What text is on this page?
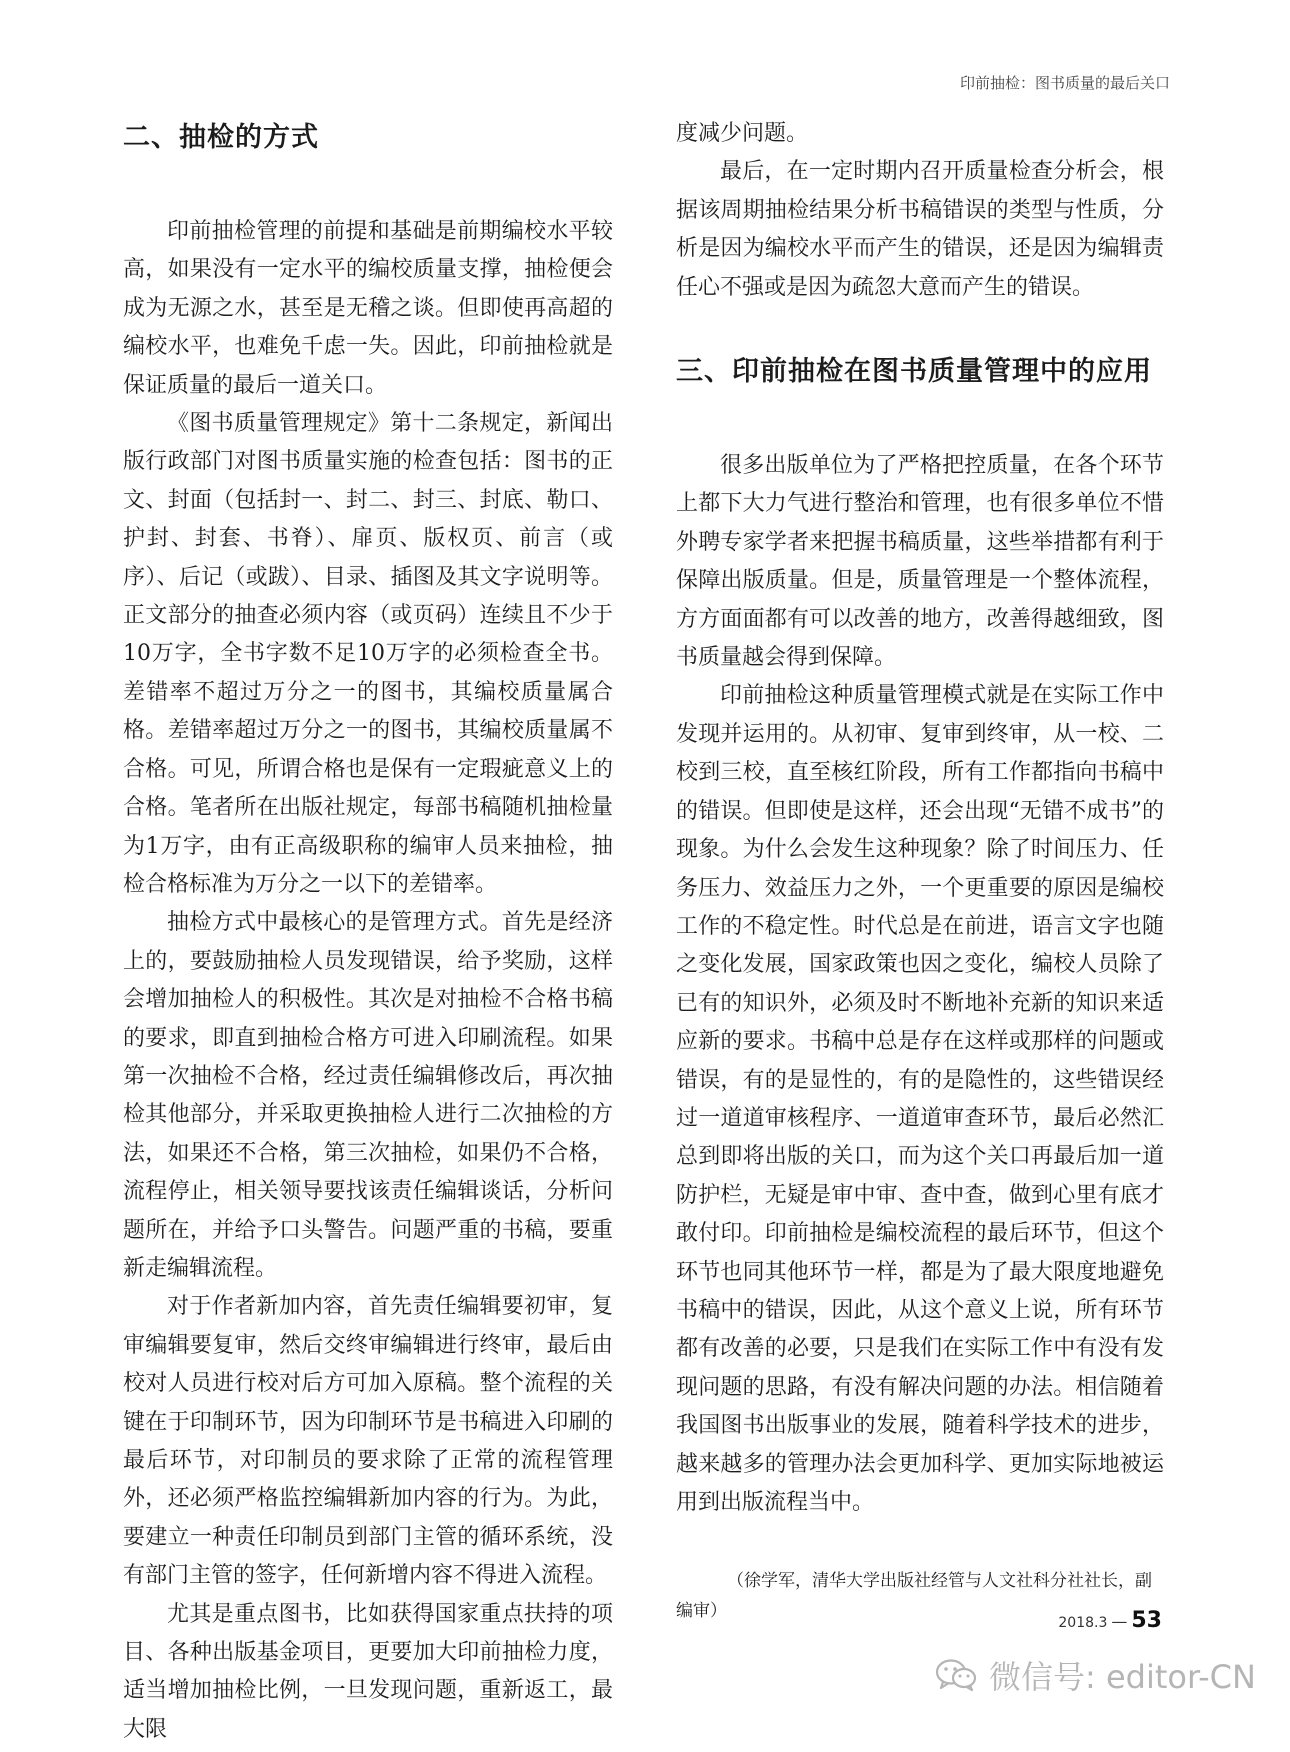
印前抽检：图书质量的最后关口
二、抽检的方式

印前抽检管理的前提和基础是前期编校水平较高，如果没有一定水平的编校质量支撑，抽检便会成为无源之水，甚至是无稽之谈。但即使再高超的编校水平，也难免千虑一失。因此，印前抽检就是保证质量的最后一道关口。

《图书质量管理规定》第十二条规定，新闻出版行政部门对图书质量实施的检查包括：图书的正文、封面（包括封一、封二、封三、封底、勒口、护封、封套、书脊）、扉页、版权页、前言（或序）、后记（或跋）、目录、插图及其文字说明等。正文部分的抽查必须内容（或页码）连续且不少于10万字，全书字数不足10万字的必须检查全书。差错率不超过万分之一的图书，其编校质量属合格。差错率超过万分之一的图书，其编校质量属不合格。可见，所谓合格也是保有一定瑕疵意义上的合格。笔者所在出版社规定，每部书稿随机抽检量为1万字，由有正高级职称的编审人员来抽检，抽检合格标准为万分之一以下的差错率。

抽检方式中最核心的是管理方式。首先是经济上的，要鼓励抽检人员发现错误，给予奖励，这样会增加抽检人的积极性。其次是对抽检不合格书稿的要求，即直到抽检合格方可进入印刷流程。如果第一次抽检不合格，经过责任编辑修改后，再次抽检其他部分，并采取更换抽检人进行二次抽检的方法，如果还不合格，第三次抽检，如果仍不合格，流程停止，相关领导要找该责任编辑谈话，分析问题所在，并给予口头警告。问题严重的书稿，要重新走编辑流程。

对于作者新加内容，首先责任编辑要初审，复审编辑要复审，然后交终审编辑进行终审，最后由校对人员进行校对后方可加入原稿。整个流程的关键在于印制环节，因为印制环节是书稿进入印刷的最后环节，对印制员的要求除了正常的流程管理外，还必须严格监控编辑新加内容的行为。为此，要建立一种责任印制员到部门主管的循环系统，没有部门主管的签字，任何新增内容不得进入流程。

尤其是重点图书，比如获得国家重点扶持的项目、各种出版基金项目，更要加大印前抽检力度，适当增加抽检比例，一旦发现问题，重新返工，最大限

度减少问题。

最后，在一定时期内召开质量检查分析会，根据该周期抽检结果分析书稿错误的类型与性质，分析是因为编校水平而产生的错误，还是因为编辑责任心不强或是因为疏忽大意而产生的错误。

三、印前抽检在图书质量管理中的应用

很多出版单位为了严格把控质量，在各个环节上都下大力气进行整治和管理，也有很多单位不惜外聘专家学者来把握书稿质量，这些举措都有利于保障出版质量。但是，质量管理是一个整体流程，方方面面都有可以改善的地方，改善得越细致，图书质量越会得到保障。

印前抽检这种质量管理模式就是在实际工作中发现并运用的。从初审、复审到终审，从一校、二校到三校，直至核红阶段，所有工作都指向书稿中的错误。但即使是这样，还会出现“无错不成书”的现象。为什么会发生这种现象？除了时间压力、任务压力、效益压力之外，一个更重要的原因是编校工作的不稳定性。时代总是在前进，语言文字也随之变化发展，国家政策也因之变化，编校人员除了已有的知识外，必须及时不断地补充新的知识来适应新的要求。书稿中总是存在这样或那样的问题或错误，有的是显性的，有的是隐性的，这些错误经过一道道审核程序、一道道审查环节，最后必然汇总到即将出版的关口，而为这个关口再最后加一道防护栏，无疑是审中审、查中查，做到心里有底才敢付印。印前抽检是编校流程的最后环节，但这个环节也同其他环节一样，都是为了最大限度地避免书稿中的错误，因此，从这个意义上说，所有环节都有改善的必要，只是我们在实际工作中有没有发现问题的思路，有没有解决问题的办法。相信随着我国图书出版事业的发展，随着科学技术的进步，越来越多的管理办法会更加科学、更加实际地被运用到出版流程当中。

（徐学军，清华大学出版社经管与人文社科分社社长，副编审）

2018.3 — 53
微信号: editor-CN
